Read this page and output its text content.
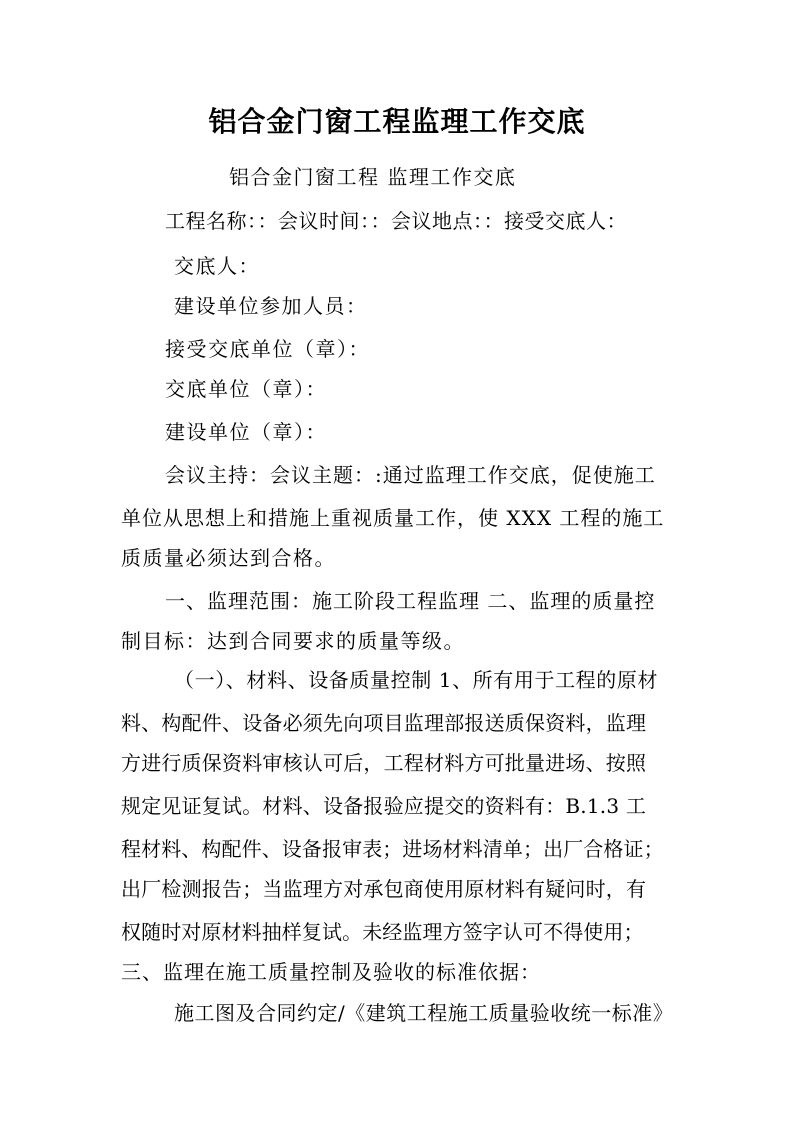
铝合金门窗工程监理工作交底
铝合金门窗工程 监理工作交底
工程名称：：会议时间：：会议地点：：接受交底人：
交底人：
建设单位参加人员：
接受交底单位（章）：
交底单位（章）：
建设单位（章）：
会议主持：会议主题：:通过监理工作交底，促使施工
单位从思想上和措施上重视质量工作，使 XXX 工程的施工
质质量必须达到合格。
一、监理范围：施工阶段工程监理 二、监理的质量控
制目标：达到合同要求的质量等级。
（一）、材料、设备质量控制 1、所有用于工程的原材
料、构配件、设备必须先向项目监理部报送质保资料，监理
方进行质保资料审核认可后，工程材料方可批量进场、按照
规定见证复试。材料、设备报验应提交的资料有：B.1.3 工
程材料、构配件、设备报审表；进场材料清单；出厂合格证；
出厂检测报告；当监理方对承包商使用原材料有疑问时，有
权随时对原材料抽样复试。未经监理方签字认可不得使用；
三、监理在施工质量控制及验收的标准依据：
施工图及合同约定/《建筑工程施工质量验收统一标准》
